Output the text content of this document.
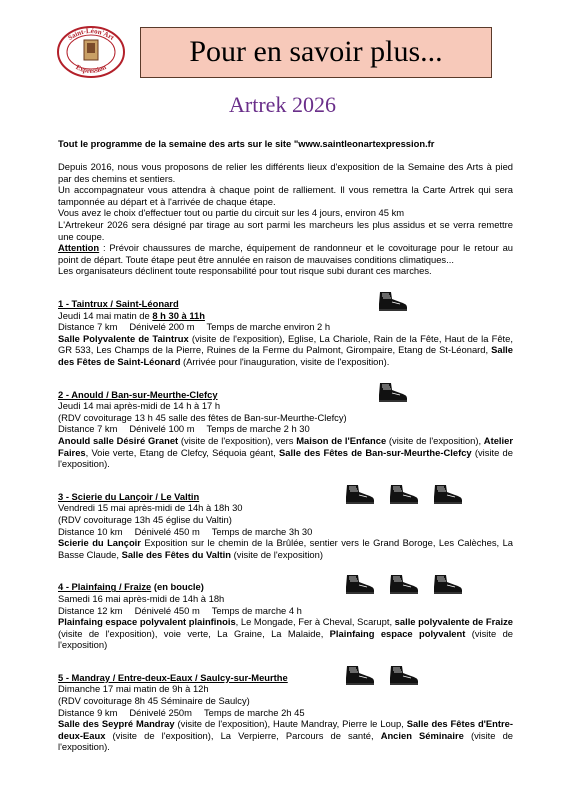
Saint-Léon'Art
Expression	Pour en savoir plus...
Artrek 2026

Tout le programme de la semaine des arts sur le site "www.saintleonartexpression.fr

Depuis 2016, nous vous proposons de relier les différents lieux d'exposition de la Semaine des Arts à pied par des chemins et sentiers.

Un accompagnateur vous attendra à chaque point de ralliement. Il vous remettra la Carte Artrek qui sera tamponnée au départ et à l'arrivée de chaque étape.

Vous avez le choix d'effectuer tout ou partie du circuit sur les 4 jours, environ 45 km

L'Artrekeur 2026 sera désigné par tirage au sort parmi les marcheurs les plus assidus et se verra remettre une coupe.

Attention : Prévoir chaussures de marche, équipement de randonneur et le covoiturage pour le retour au point de départ. Toute étape peut être annulée en raison de mauvaises conditions climatiques...

Les organisateurs déclinent toute responsabilité pour tout risque subi durant ces marches.

1 - Taintrux / Saint-Léonard

Jeudi 14 mai matin de 8 h 30 à 11h

Distance 7 km Dénivelé 200 m Temps de marche environ 2 h

Salle Polyvalente de Taintrux (visite de l'exposition), Eglise, La Chariole, Rain de la Fête, Haut de la Fête, GR 533, Les Champs de la Pierre, Ruines de la Ferme du Palmont, Girompaire, Etang de St-Léonard, Salle des Fêtes de Saint-Léonard (Arrivée pour l'inauguration, visite de l'exposition).

2 - Anould / Ban-sur-Meurthe-Clefcy

Jeudi 14 mai après-midi de 14 h à 17 h

(RDV covoiturage 13 h 45 salle des fêtes de Ban-sur-Meurthe-Clefcy)

Distance 7 km Dénivelé 100 m Temps de marche 2 h 30

Anould salle Désiré Granet (visite de l'exposition), vers Maison de l'Enfance (visite de l'exposition), Atelier Faires, Voie verte, Etang de Clefcy, Séquoia géant, Salle des Fêtes de Ban-sur-Meurthe-Clefcy (visite de l'exposition).

3 - Scierie du Lançoir / Le Valtin

Vendredi 15 mai après-midi de 14h à 18h 30

(RDV covoiturage 13h 45 église du Valtin)

Distance 10 km Dénivelé 450 m Temps de marche 3h 30

Scierie du Lançoir Exposition sur le chemin de la Brûlée, sentier vers le Grand Boroge, Les Calèches, La Basse Claude, Salle des Fêtes du Valtin (visite de l'exposition)

4 - Plainfaing / Fraize (en boucle)

Samedi 16 mai après-midi de 14h à 18h

Distance 12 km Dénivelé 450 m Temps de marche 4 h

Plainfaing espace polyvalent plainfinois, Le Mongade, Fer à Cheval, Scarupt, salle polyvalente de Fraize (visite de l'exposition), voie verte, La Graine, La Malaide, Plainfaing espace polyvalent (visite de l'exposition)

5 - Mandray / Entre-deux-Eaux / Saulcy-sur-Meurthe

Dimanche 17 mai matin de 9h à 12h

(RDV covoiturage 8h 45 Séminaire de Saulcy)

Distance 9 km Dénivelé 250m Temps de marche 2h 45

Salle des Seypré Mandray (visite de l'exposition), Haute Mandray, Pierre le Loup, Salle des Fêtes d'Entre-deux-Eaux (visite de l'exposition), La Verpierre, Parcours de santé, Ancien Séminaire (visite de l'exposition).
